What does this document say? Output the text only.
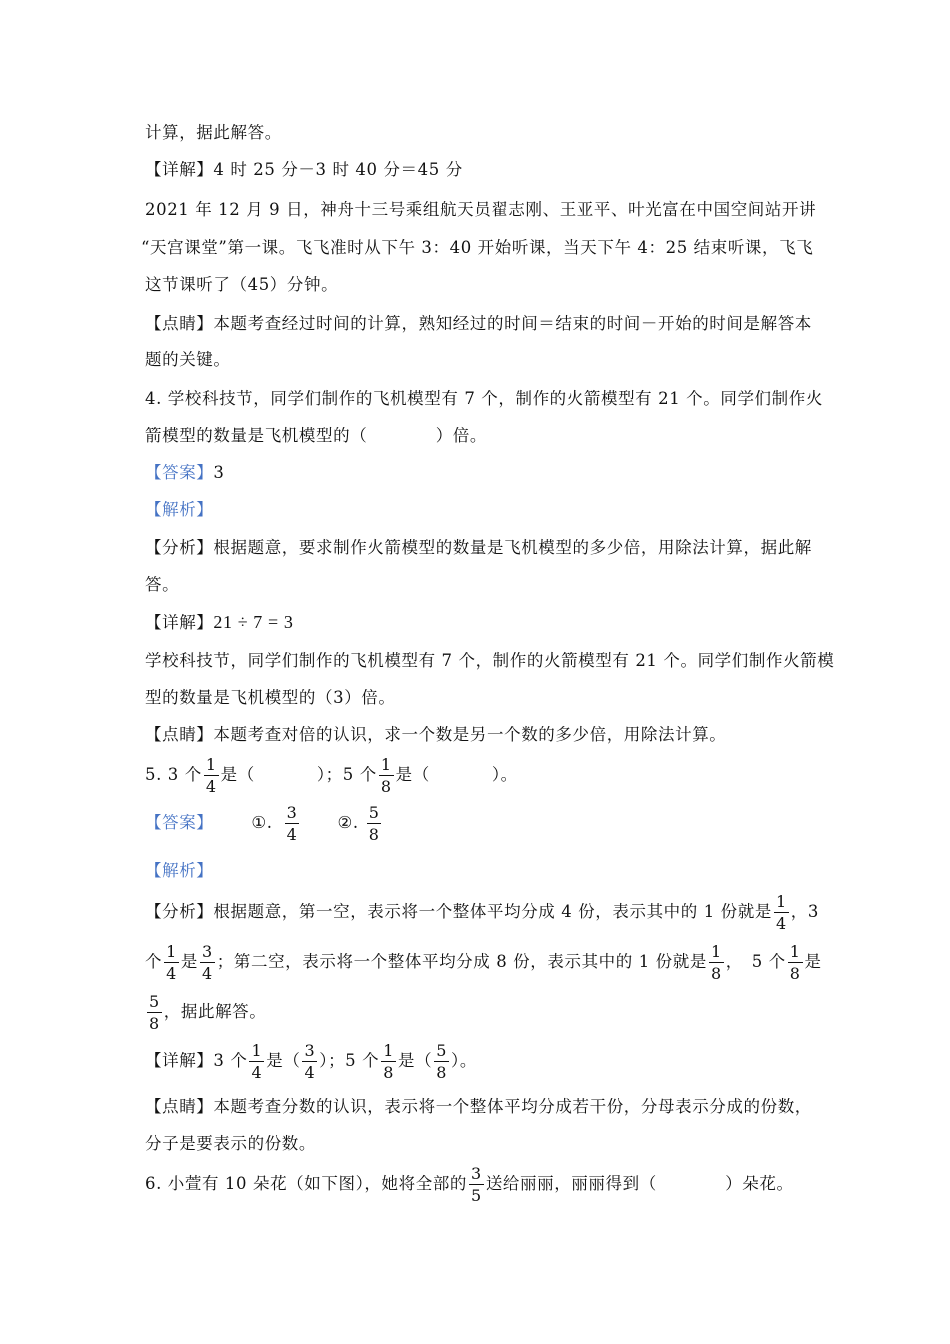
计算，据此解答。
【详解】4 时 25 分－3 时 40 分＝45 分
2021 年 12 月 9 日，神舟十三号乘组航天员翟志刚、王亚平、叶光富在中国空间站开讲
“天宫课堂”第一课。飞飞准时从下午 3：40 开始听课，当天下午 4：25 结束听课，飞飞
这节课听了（45）分钟。
【点睛】本题考查经过时间的计算，熟知经过的时间＝结束的时间－开始的时间是解答本
题的关键。
4. 学校科技节，同学们制作的飞机模型有 7 个，制作的火箭模型有 21 个。同学们制作火
箭模型的数量是飞机模型的（　　　　）倍。
【答案】3
【解析】
【分析】根据题意，要求制作火箭模型的数量是飞机模型的多少倍，用除法计算，据此解
答。
【详解】21 ÷ 7 = 3
学校科技节，同学们制作的飞机模型有 7 个，制作的火箭模型有 21 个。同学们制作火箭模
型的数量是飞机模型的（3）倍。
【点睛】本题考查对倍的认识，求一个数是另一个数的多少倍，用除法计算。
5. 3 个 $\frac{1}{4}$ 是（	）；5 个 $\frac{1}{8}$ 是（	）。
【答案】 ①. $\frac{3}{4}$ ②. $\frac{5}{8}$
【解析】
【分析】根据题意，第一空，表示将一个整体平均分成 4 份，表示其中的 1 份就是 $\frac{1}{4}$ ，3
个 $\frac{1}{4}$ 是 $\frac{3}{4}$ ；第二空，表示将一个整体平均分成 8 份，表示其中的 1 份就是 $\frac{1}{8}$ ，　5 个 $\frac{1}{8}$ 是
$\frac{5}{8}$ ，据此解答。
【详解】3 个 $\frac{1}{4}$ 是（ $\frac{3}{4}$ ）；5 个 $\frac{1}{8}$ 是（ $\frac{5}{8}$ ）。
【点睛】本题考查分数的认识，表示将一个整体平均分成若干份，分母表示分成的份数，
分子是要表示的份数。
6. 小萱有 10 朵花（如下图），她将全部的 $\frac{3}{5}$ 送给丽丽，丽丽得到（　　　　）朵花。
